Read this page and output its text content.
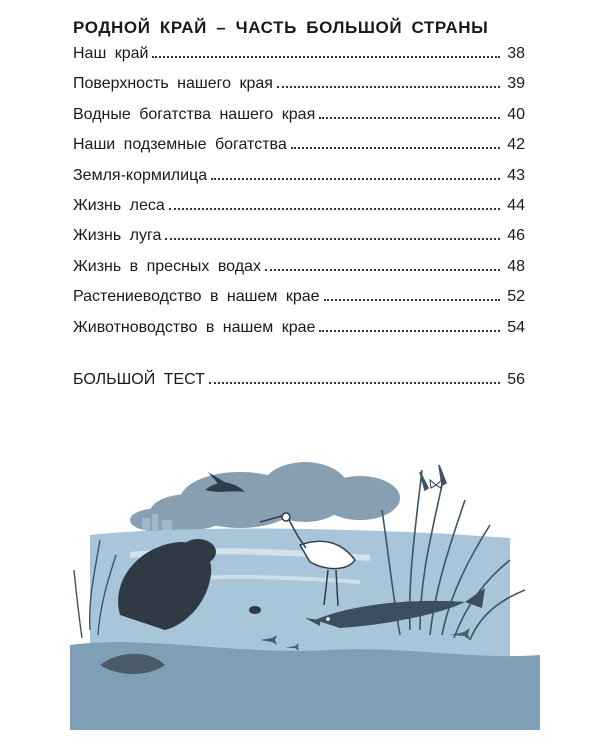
РОДНОЙ КРАЙ – ЧАСТЬ БОЛЬШОЙ СТРАНЫ
Наш край	38
Поверхность нашего края	39
Водные богатства нашего края	40
Наши подземные богатства	42
Земля-кормилица	43
Жизнь леса	44
Жизнь луга	46
Жизнь в пресных водах	48
Растениеводство в нашем крае	52
Животноводство в нашем крае	54
БОЛЬШОЙ ТЕСТ	56
